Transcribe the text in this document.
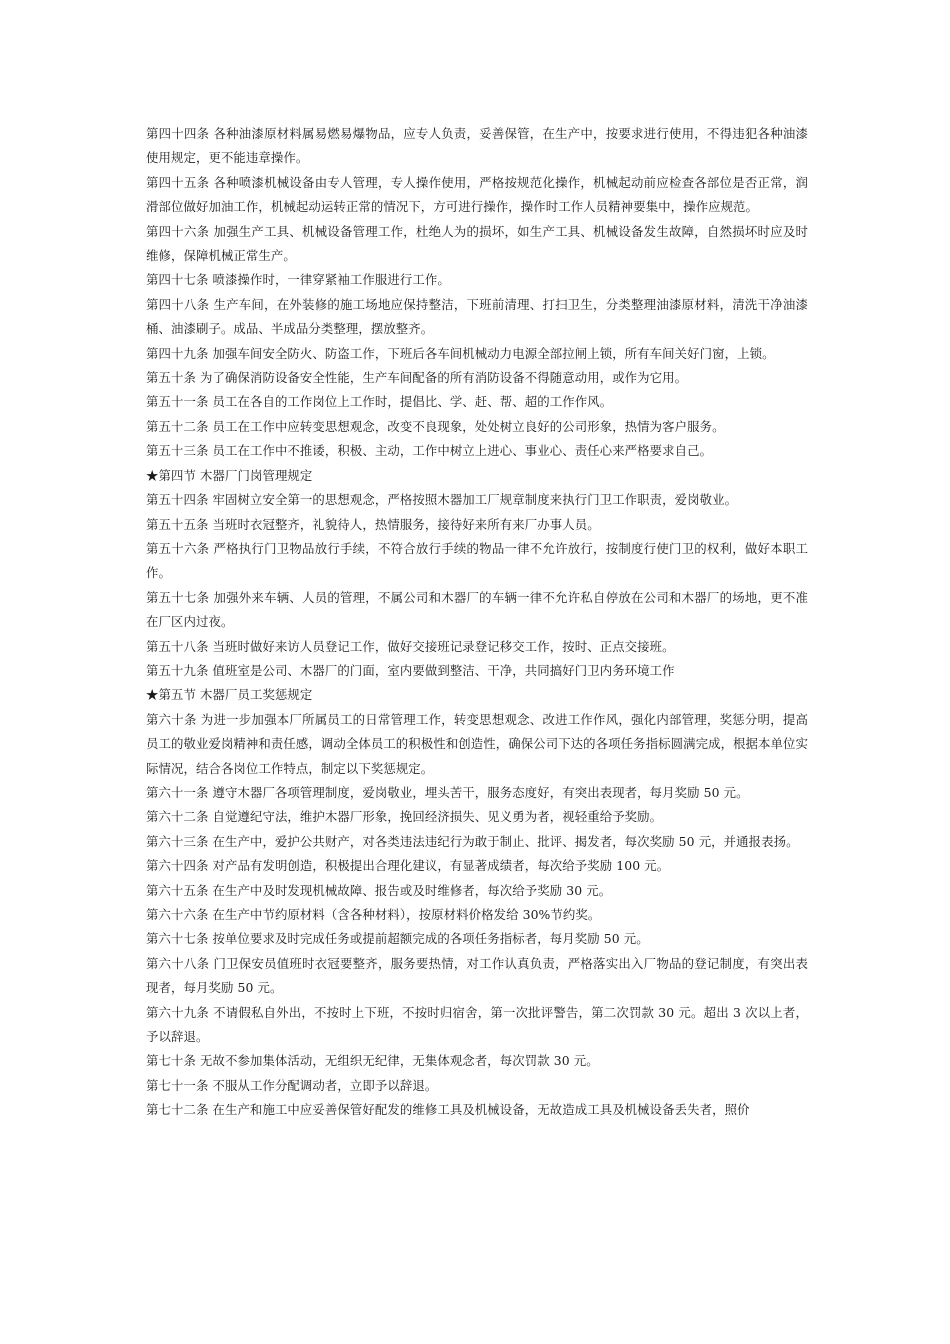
第四十四条 各种油漆原材料属易燃易爆物品，应专人负责，妥善保管，在生产中，按要求进行使用，不得违犯各种油漆使用规定，更不能违章操作。

第四十五条 各种喷漆机械设备由专人管理，专人操作使用，严格按规范化操作，机械起动前应检查各部位是否正常，润滑部位做好加油工作，机械起动运转正常的情况下，方可进行操作，操作时工作人员精神要集中，操作应规范。

第四十六条 加强生产工具、机械设备管理工作，杜绝人为的损坏，如生产工具、机械设备发生故障，自然损坏时应及时维修，保障机械正常生产。

第四十七条 喷漆操作时，一律穿紧袖工作服进行工作。

第四十八条 生产车间，在外装修的施工场地应保持整洁，下班前清理、打扫卫生，分类整理油漆原材料，清洗干净油漆桶、油漆刷子。成品、半成品分类整理，摆放整齐。

第四十九条 加强车间安全防火、防盗工作，下班后各车间机械动力电源全部拉闸上锁，所有车间关好门窗，上锁。

第五十条 为了确保消防设备安全性能，生产车间配备的所有消防设备不得随意动用，或作为它用。

第五十一条 员工在各自的工作岗位上工作时，提倡比、学、赶、帮、超的工作作风。

第五十二条 员工在工作中应转变思想观念，改变不良现象，处处树立良好的公司形象，热情为客户服务。

第五十三条 员工在工作中不推诿，积极、主动，工作中树立上进心、事业心、责任心来严格要求自己。

★第四节 木器厂门岗管理规定

第五十四条 牢固树立安全第一的思想观念，严格按照木器加工厂规章制度来执行门卫工作职责，爱岗敬业。

第五十五条 当班时衣冠整齐，礼貌待人，热情服务，接待好来所有来厂办事人员。

第五十六条 严格执行门卫物品放行手续，不符合放行手续的物品一律不允许放行，按制度行使门卫的权利，做好本职工作。

第五十七条 加强外来车辆、人员的管理，不属公司和木器厂的车辆一律不允许私自停放在公司和木器厂的场地，更不准在厂区内过夜。

第五十八条 当班时做好来访人员登记工作，做好交接班记录登记移交工作，按时、正点交接班。

第五十九条 值班室是公司、木器厂的门面，室内要做到整洁、干净，共同搞好门卫内务环境工作

★第五节 木器厂员工奖惩规定

第六十条 为进一步加强本厂所属员工的日常管理工作，转变思想观念、改进工作作风，强化内部管理，奖惩分明，提高员工的敬业爱岗精神和责任感，调动全体员工的积极性和创造性，确保公司下达的各项任务指标圆满完成，根据本单位实际情况，结合各岗位工作特点，制定以下奖惩规定。

第六十一条 遵守木器厂各项管理制度，爱岗敬业，埋头苦干，服务态度好，有突出表现者，每月奖励 50 元。

第六十二条 自觉遵纪守法，维护木器厂形象，挽回经济损失、见义勇为者，视轻重给予奖励。

第六十三条 在生产中，爱护公共财产，对各类违法违纪行为敢于制止、批评、揭发者，每次奖励 50 元，并通报表扬。

第六十四条 对产品有发明创造，积极提出合理化建议，有显著成绩者，每次给予奖励 100 元。

第六十五条 在生产中及时发现机械故障、报告或及时维修者，每次给予奖励 30 元。

第六十六条 在生产中节约原材料（含各种材料），按原材料价格发给 30%节约奖。

第六十七条 按单位要求及时完成任务或提前超额完成的各项任务指标者，每月奖励 50 元。

第六十八条 门卫保安员值班时衣冠要整齐，服务要热情，对工作认真负责，严格落实出入厂物品的登记制度，有突出表现者，每月奖励 50 元。

第六十九条 不请假私自外出，不按时上下班，不按时归宿舍，第一次批评警告，第二次罚款 30 元。超出 3 次以上者，予以辞退。

第七十条 无故不参加集体活动，无组织无纪律，无集体观念者，每次罚款 30 元。

第七十一条 不服从工作分配调动者，立即予以辞退。

第七十二条 在生产和施工中应妥善保管好配发的维修工具及机械设备，无故造成工具及机械设备丢失者，照价
